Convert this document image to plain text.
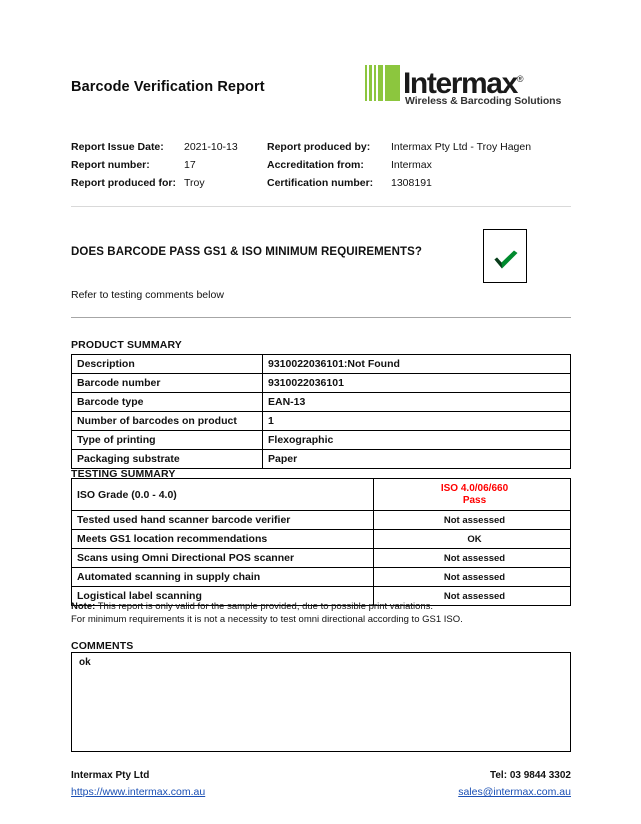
Barcode Verification Report	Intermax®
Wireless & Barcoding Solutions
Report Issue Date:	2021-10-13	Report produced by:	Intermax Pty Ltd - Troy Hagen
Report number:	17	Accreditation from:	Intermax
Report produced for: Troy	Certification number:	1308191
DOES BARCODE PASS GS1 & ISO MINIMUM REQUIREMENTS?
Refer to testing comments below
PRODUCT SUMMARY
Description	9310022036101:Not Found
Barcode number	9310022036101
Barcode type	EAN-13
Number of barcodes on product	1
Type of printing	Flexographic
Packaging substrate	Paper
TESTING SUMMARY
ISO Grade (0.0 - 4.0)	ISO 4.0/06/660
Pass

Tested used hand scanner barcode verifier	Not assessed
Meets GS1 location recommendations	OK
Scans using Omni Directional POS scanner	Not assessed
Automated scanning in supply chain	Not assessed
Logistical label scanning	Not assessed
Note: This report is only valid for the sample provided, due to possible print variations.
For minimum requirements it is not a necessity to test omni directional according to GS1 ISO.
COMMENTS
ok
Intermax Pty Ltd	Tel: 03 9844 3302
https://www.intermax.com.au	sales@intermax.com.au
